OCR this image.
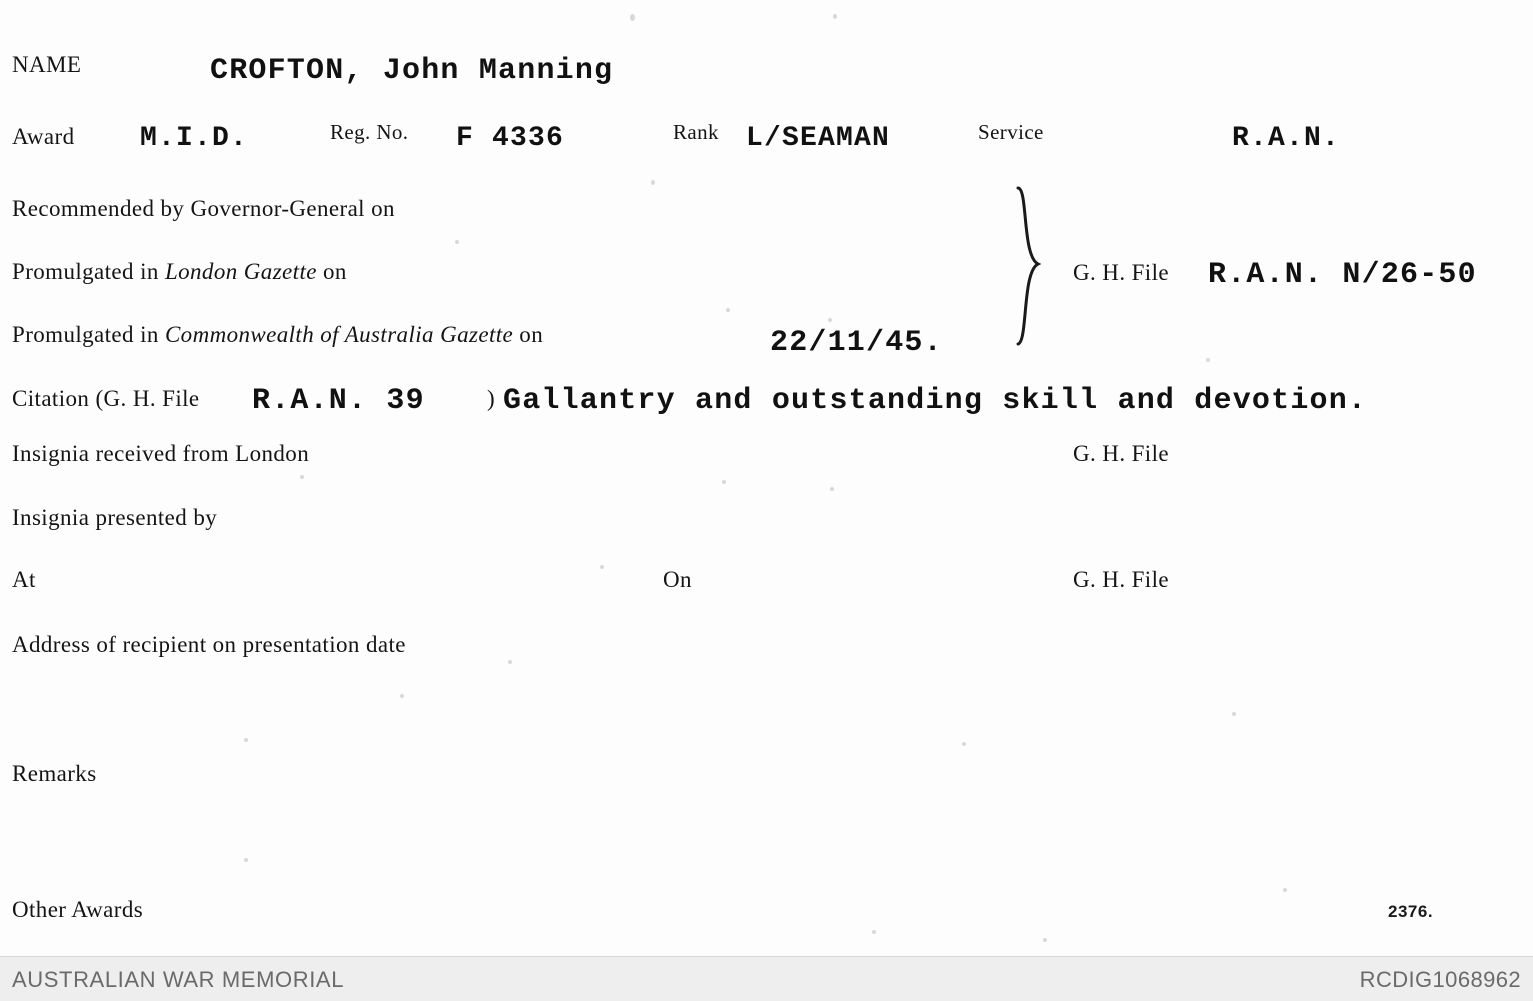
NAME	CROFTON, John Manning
Award M.I.D.	Reg. No. F 4336	Rank L/SEAMAN	Service	R.A.N.
Recommended by Governor-General on
Promulgated in London Gazette on
Promulgated in Commonwealth of Australia Gazette on	22/11/45.
G. H. File R.A.N. N/26-50
Citation (G. H. File R.A.N. 39	) Gallantry and outstanding skill and devotion.
Insignia received from London	G. H. File
Insignia presented by
At	On	G. H. File
Address of recipient on presentation date
Remarks
Other Awards	2376.
AUSTRALIAN WAR MEMORIAL	RCDIG1068962
